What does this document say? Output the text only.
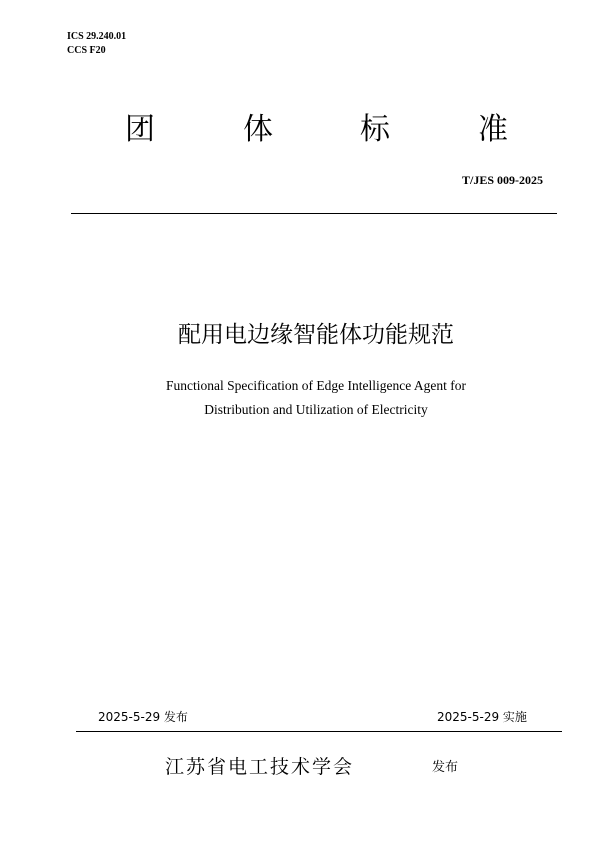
ICS 29.240.01
CCS F20
团	体	标	准
T/JES 009-2025
配用电边缘智能体功能规范
Functional Specification of Edge Intelligence Agent for
Distribution and Utilization of Electricity
2025-5-29 发布	2025-5-29 实施
江苏省电工技术学会	发布
